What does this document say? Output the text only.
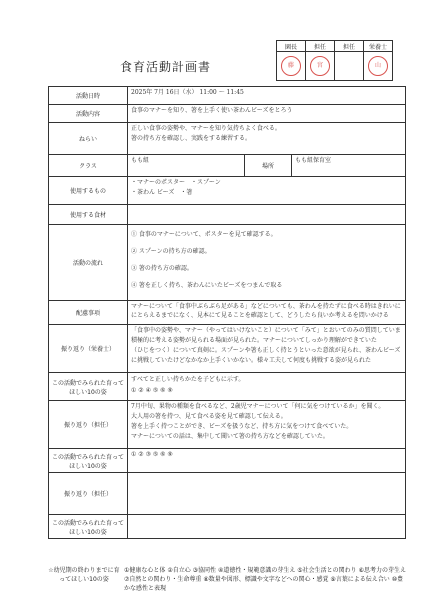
食育活動計画書
園長	担任	担任	栄養士
藤	宮		山
活動日時	2025年 7月 16日（水） 11:00 ～ 11:45		
活動内容	食事のマナーを知り、箸を上手く使い茶わんビーズをとろう		
ねらい	正しい食事の姿勢や、マナーを知り気持ちよく食べる。
箸の持ち方を確認し、実践をする練習する。		

クラス	もも組	場所	もも組保育室
使用するもの	・マナーのポスター　・スプーン
・茶わん ビーズ　・箸		

使用する食材			
活動の流れ	① 食事のマナーについて、ポスターを見て確認する。
② スプーンの持ち方の確認。
③ 箸の持ち方の確認。
④ 箸を正しく持ち、茶わんにいたビーズをつまんで取る		

配慮事項	マナーについて「食事中ぶらぶら足がある」などについても、茶わんを持たずに食べる時はきれいに
にとらえるまでになく、見本にて見ることを確認として、どうしたら良いか考えるを問いかける		

振り返り（栄養士）	「食事中の姿勢や、マナー（やってはいけないこと）について「みて」とおいてのみの質問していま
積極的に考える姿勢が見られる場面が見られた。マナーについてしっかり理解ができていた
（ひじをつく）について真剣に。スプーンや箸も正しく持とうといった意欲が見られ、茶わんビーズ
に挑戦していたけどなかなか上手くいかない。様々工夫して何度も挑戦する姿が見られた		

この活動でみられた育ってほしい10の姿	すべてと正しい持ちかたを子どもに示す。
① ② ④ ⑤ ⑥ ⑨		

振り返り（担任）	7月中旬、果物の種類を食べるなど、2歳児マナーについて「何に気をつけているか」を聞く。
大人用の箸を持つ、見て食べる姿を見て確認して伝える。
箸を上手く持つことができ、ビーズを扱うなど、持ち方に気をつけて食べていた。
マナーについての話は、集中して聞いて箸の持ち方などを確認していた。		

この活動でみられた育ってほしい10の姿	① ② ③ ⑤ ⑥ ⑨		
振り返り（担任）			
この活動でみられた育ってほしい10の姿			
☆幼児期の終わりまでに育ってほしい10の姿
①健康な心と体 ②自立心 ③協同性 ④道徳性・規範意識の芽生え ⑤社会生活との関わり ⑥思考力の芽生え ⑦自然との関わり・生命尊重 ⑧数量や図形、標識や文字などへの関心・感覚 ⑨言葉による伝え合い ⑩豊かな感性と表現
